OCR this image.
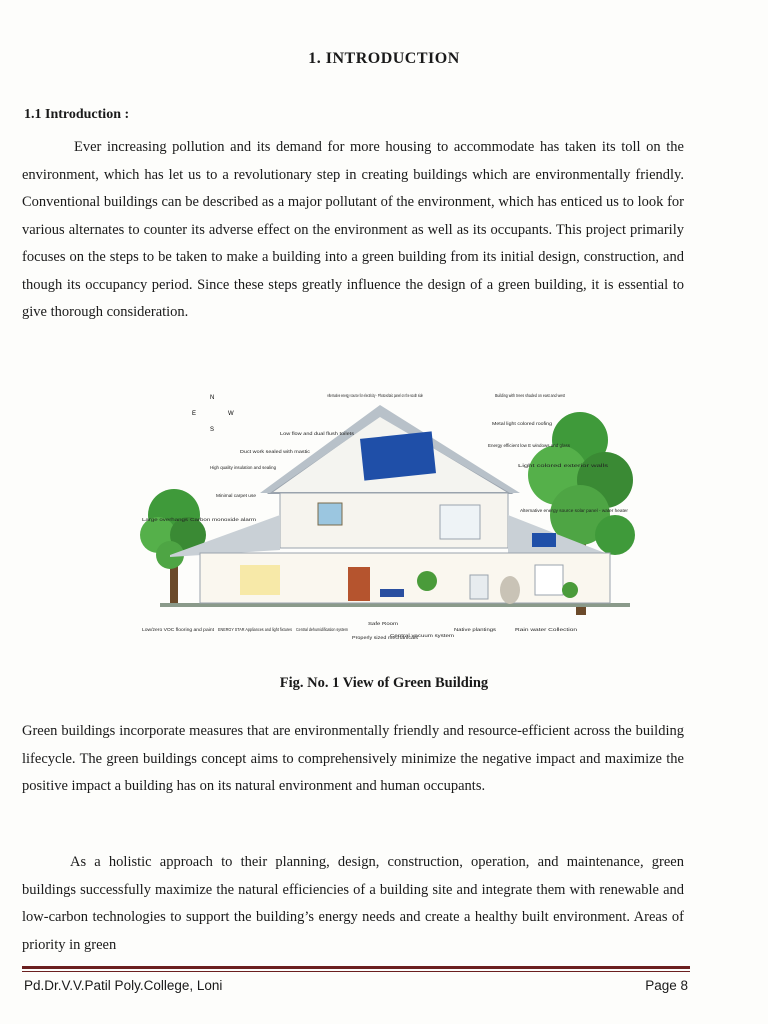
1. INTRODUCTION
1.1 Introduction :

Ever increasing pollution and its demand for more housing to accommodate has taken its toll on the environment, which has let us to a revolutionary step in creating buildings which are environmentally friendly. Conventional buildings can be described as a major pollutant of the environment, which has enticed us to look for various alternates to counter its adverse effect on the environment as well as its occupants. This project primarily focuses on the steps to be taken to make a building into a green building from its initial design, construction, and though its occupancy period. Since these steps greatly influence the design of a green building, it is essential to give thorough consideration.

N
E	W
S
Alternative energy source for electricity - Photovoltaic panel on the south side	Building with trees shaded on east and west
Metal light colored roofing
Low flow and dual flush toilets
Duct work sealed with mastic
Energy efficient low E windows and glass
Light colored exterior walls
High quality insulation and sealing
Minimal carpet use
Alternative energy source solar panel - water heater
Large overhangs Carbon monoxide alarm
Low/zero VOC flooring and paint ENERGY STAR Appliances and light fixtures Central dehumidification system
Properly sized mechanicals
Safe Room
Central vacuum system
Native plantings	Rain water Collection
Fig. No. 1 View of Green Building

Green buildings incorporate measures that are environmentally friendly and resource-efficient across the building lifecycle. The green buildings concept aims to comprehensively minimize the negative impact and maximize the positive impact a building has on its natural environment and human occupants.

As a holistic approach to their planning, design, construction, operation, and maintenance, green buildings successfully maximize the natural efficiencies of a building site and integrate them with renewable and low-carbon technologies to support the building’s energy needs and create a healthy built environment. Areas of priority in green

Pd.Dr.V.V.Patil Poly.College, Loni	Page 8
